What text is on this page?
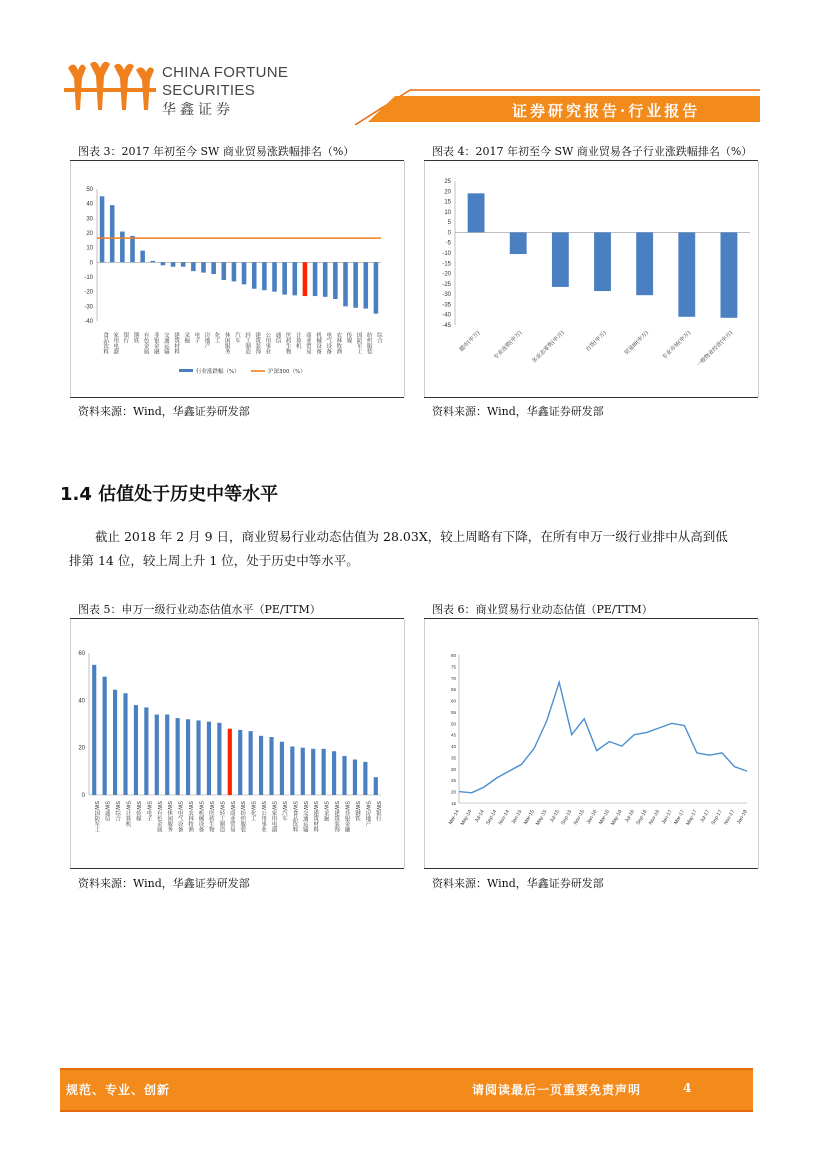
CHINA FORTUNE
SECURITIES
华鑫证券	证券研究报告·行业报告
图表 3：2017 年初至今 SW 商业贸易涨跌幅排名（%）
-40
-30
-20
-10
0
10
20
30
40
50
食品饮料 家用电器 银行 钢铁 有色金属 非银金融 交通运输 建筑材料 采掘 电子 房地产 化工 休闲服务 汽车 轻工制造 建筑装饰 公用事业 通信 医药生物 计算机 商业贸易 机械设备 电气设备 农林牧渔 传媒 国防军工 纺织服装 综合
行业涨跌幅（%）	沪深300（%）
资料来源：Wind，华鑫证券研发部
图表 4：2017 年初至今 SW 商业贸易各子行业涨跌幅排名（%）
-45
-40
-35
-30
-25
-20
-15
-10
-5
0
5
10
15
20
25
超市(申万) 专业连锁(申万) 多业态零售(申万)	百货(申万)	贸易III(申万) 专业市场(申万) 一般物业经营(申万)
资料来源：Wind，华鑫证券研发部
1.4 估值处于历史中等水平
截止 2018 年 2 月 9 日，商业贸易行业动态估值为 28.03X，较上周略有下降，在所有申万一级行业排中从高到低排第 14 位，较上周上升 1 位，处于历史中等水平。
图表 5：申万一级行业动态估值水平（PE/TTM）
0
20
40
60
SW国防军工 SW通信 SW综合 SW计算机 SW传媒 SW电子 SW有色金属 SW休闲服务 SW电气设备 SW农林牧渔 SW机械设备 SW医药生物 SW轻工制造 SW商业贸易 SW纺织服装 SW化工 SW公用事业 SW家用电器 SW汽车 SW食品饮料 SW交通运输 SW建筑材料 SW采掘 SW建筑装饰 SW非银金融 SW钢铁 SW房地产 SW银行
资料来源：Wind，华鑫证券研发部
图表 6：商业贸易行业动态估值（PE/TTM）
15
20
25
30
35
40
45
50
55
60
65
70
75
80
Mar-14
May-14 Jul-14 Sep-14 Nov-14 Jan-15 Mar-15
May-15 Jul-15 Sep-15 Nov-15 Jan-16 Mar-16
May-16 Jul-16 Sep-16 Nov-16 Jan-17 Mar-17
May-17 Jul-17 Sep-17 Nov-17 Jan-18
资料来源：Wind，华鑫证券研发部
规范、专业、创新	请阅读最后一页重要免责声明	4
